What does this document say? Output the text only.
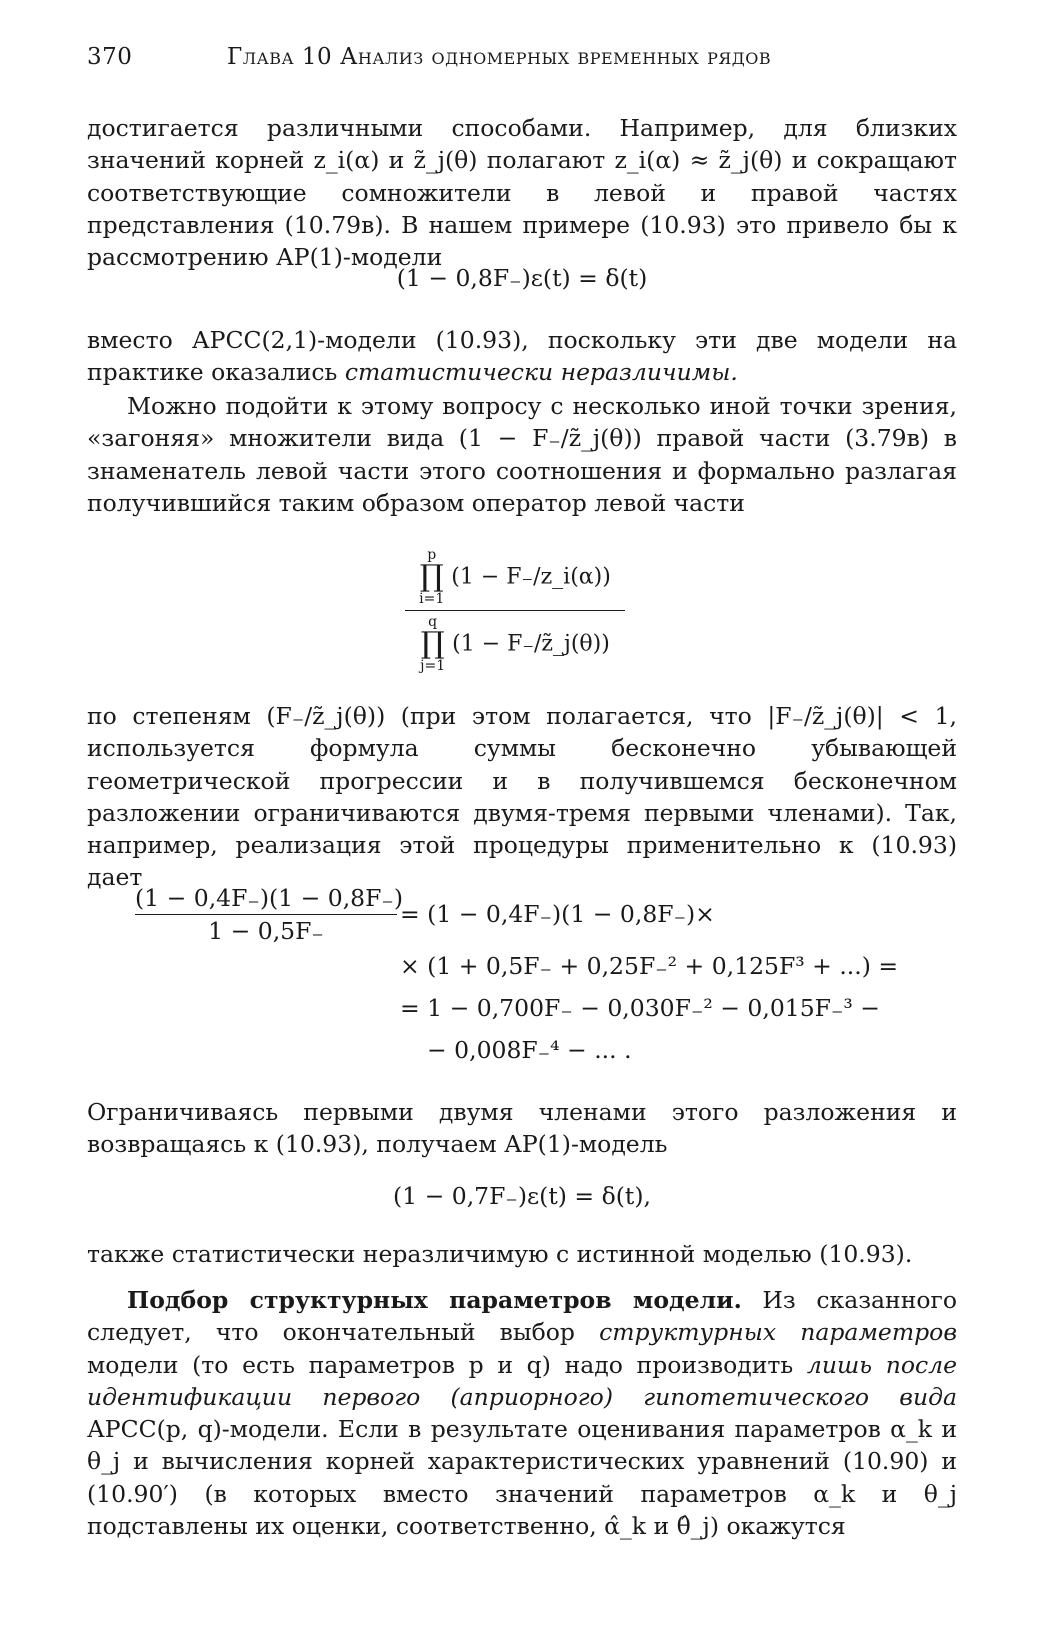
370	Глава 10 Анализ одномерных временных рядов
достигается различными способами. Например, для близких значений корней z_i(α) и z̃_j(θ) полагают z_i(α) ≈ z̃_j(θ) и сокращают соответствующие сомножители в левой и правой частях представления (10.79в). В нашем примере (10.93) это привело бы к рассмотрению АР(1)-модели
(1 − 0,8F₋)ε(t) = δ(t)
вместо АРСС(2,1)-модели (10.93), поскольку эти две модели на практике оказались статистически неразличимы.
Можно подойти к этому вопросу с несколько иной точки зрения, «загоняя» множители вида (1 − F₋/z̃_j(θ)) правой части (3.79в) в знаменатель левой части этого соотношения и формально разлагая получившийся таким образом оператор левой части
p
∏
i=1 (1 − F₋/z_i(α))
q
∏
j=1 (1 − F₋/z̃_j(θ))
по степеням (F₋/z̃_j(θ)) (при этом полагается, что |F₋/z̃_j(θ)| < 1, используется формула суммы бесконечно убывающей геометрической прогрессии и в получившемся бесконечном разложении ограничиваются двумя-тремя первыми членами). Так, например, реализация этой процедуры применительно к (10.93) дает
$\frac{(1 - 0,4F_-)(1 - 0,8F_-)}{1 - 0,5F_-} = (1 - 0,4F_-)(1 - 0,8F_-)\times$
× (1 + 0,5F₋ + 0,25F₋² + 0,125F³ + ...) =
= 1 − 0,700F₋ − 0,030F₋² − 0,015F₋³ −
− 0,008F₋⁴ − ... .
Ограничиваясь первыми двумя членами этого разложения и возвращаясь к (10.93), получаем АР(1)-модель
(1 − 0,7F₋)ε(t) = δ(t),
также статистически неразличимую с истинной моделью (10.93).
Подбор структурных параметров модели. Из сказанного следует, что окончательный выбор структурных параметров модели (то есть параметров p и q) надо производить лишь после идентификации первого (априорного) гипотетического вида АРСС(p, q)-модели. Если в результате оценивания параметров α_k и θ_j и вычисления корней характеристических уравнений (10.90) и (10.90′) (в которых вместо значений параметров α_k и θ_j подставлены их оценки, соответственно, α̂_k и θ̂_j) окажутся
